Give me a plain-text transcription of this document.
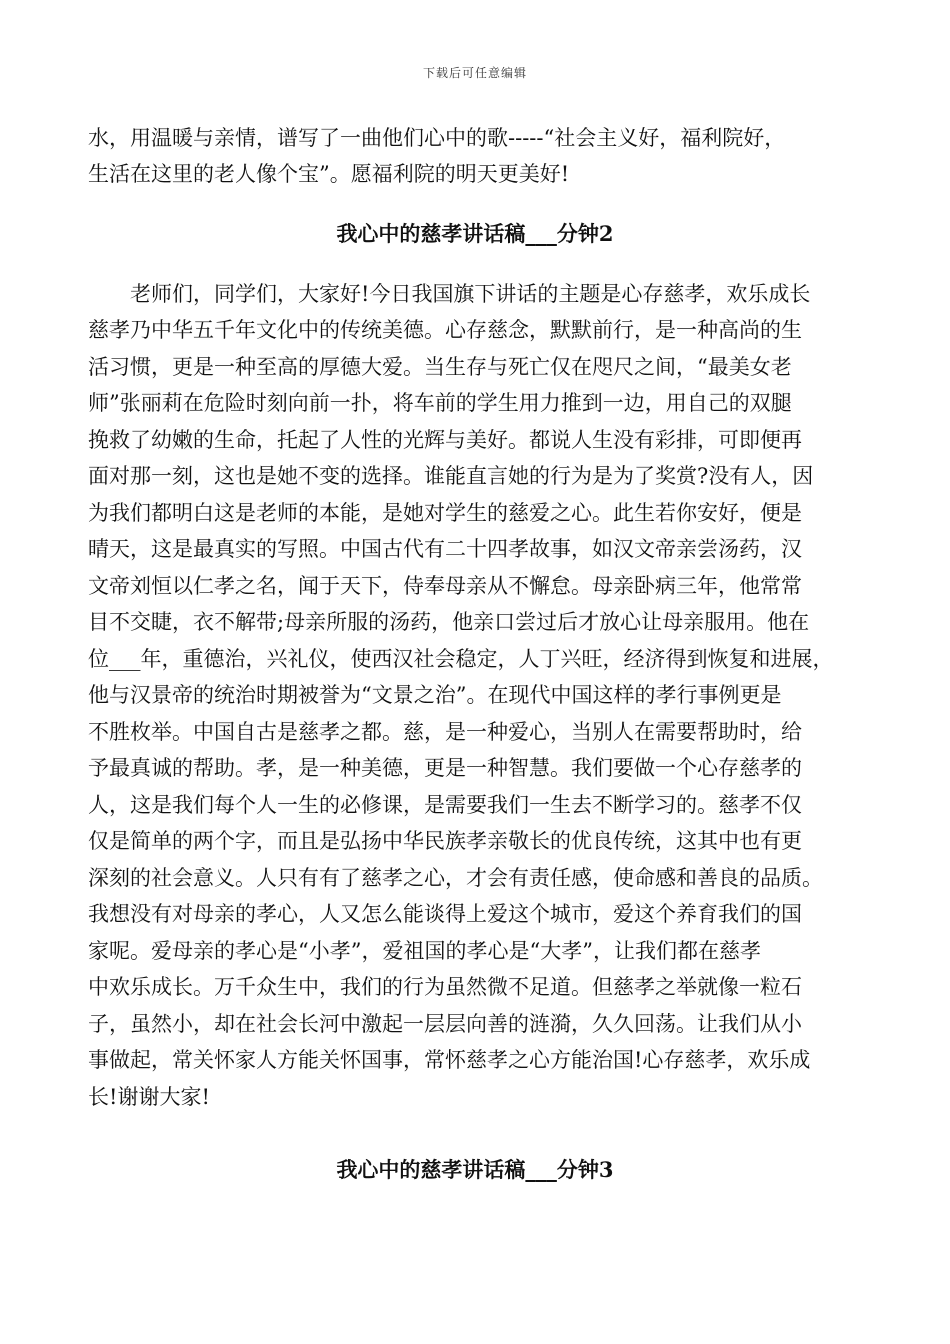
下载后可任意编辑
水，用温暖与亲情，谱写了一曲他们心中的歌-----“社会主义好，福利院好，
生活在这里的老人像个宝”。愿福利院的明天更美好!
我心中的慈孝讲话稿___分钟2
　　老师们，同学们，大家好!今日我国旗下讲话的主题是心存慈孝，欢乐成长
慈孝乃中华五千年文化中的传统美德。心存慈念，默默前行，是一种高尚的生
活习惯，更是一种至高的厚德大爱。当生存与死亡仅在咫尺之间，“最美女老
师”张丽莉在危险时刻向前一扑，将车前的学生用力推到一边，用自己的双腿
挽救了幼嫩的生命，托起了人性的光辉与美好。都说人生没有彩排，可即便再
面对那一刻，这也是她不变的选择。谁能直言她的行为是为了奖赏?没有人，因
为我们都明白这是老师的本能，是她对学生的慈爱之心。此生若你安好，便是
晴天，这是最真实的写照。中国古代有二十四孝故事，如汉文帝亲尝汤药，汉
文帝刘恒以仁孝之名，闻于天下，侍奉母亲从不懈怠。母亲卧病三年，他常常
目不交睫，衣不解带;母亲所服的汤药，他亲口尝过后才放心让母亲服用。他在
位___年，重德治，兴礼仪，使西汉社会稳定，人丁兴旺，经济得到恢复和进展，
他与汉景帝的统治时期被誉为“文景之治”。在现代中国这样的孝行事例更是
不胜枚举。中国自古是慈孝之都。慈，是一种爱心，当别人在需要帮助时，给
予最真诚的帮助。孝，是一种美德，更是一种智慧。我们要做一个心存慈孝的
人，这是我们每个人一生的必修课，是需要我们一生去不断学习的。慈孝不仅
仅是简单的两个字，而且是弘扬中华民族孝亲敬长的优良传统，这其中也有更
深刻的社会意义。人只有有了慈孝之心，才会有责任感，使命感和善良的品质。
我想没有对母亲的孝心，人又怎么能谈得上爱这个城市，爱这个养育我们的国
家呢。爱母亲的孝心是“小孝”，爱祖国的孝心是“大孝”，让我们都在慈孝
中欢乐成长。万千众生中，我们的行为虽然微不足道。但慈孝之举就像一粒石
子，虽然小，却在社会长河中激起一层层向善的涟漪，久久回荡。让我们从小
事做起，常关怀家人方能关怀国事，常怀慈孝之心方能治国!心存慈孝，欢乐成
长!谢谢大家!
我心中的慈孝讲话稿___分钟3
